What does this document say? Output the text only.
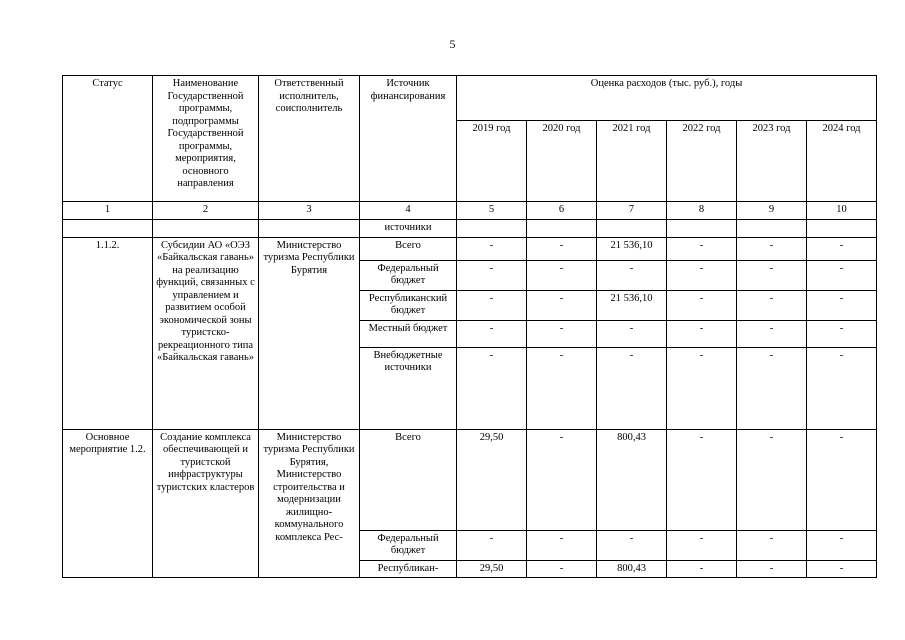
5
Статус	Наименование Государственной программы, подпрограммы Государственной программы, мероприятия, основного направления	Ответственный исполнитель, соисполнитель	Источник финансирования	Оценка расходов (тыс. руб.), годы					
				2019 год	2020 год	2021 год	2022 год	2023 год	2024 год
1	2	3	4	5	6	7	8	9	10
			источники						
1.1.2.	Субсидии АО «ОЭЗ «Байкальская гавань» на реализацию функций, связанных с управлением и развитием особой экономической зоны туристско-рекреационного типа «Байкальская гавань»	Министерство туризма Республики Бурятия	Всего	-	-	21 536,10	-	-	-
			Федеральный бюджет	-	-	-	-	-	-
			Республиканский бюджет	-	-	21 536,10	-	-	-
			Местный бюджет	-	-	-	-	-	-
			Внебюджетные источники	-	-	-	-	-	-
Основное мероприятие 1.2.	Создание комплекса обеспечивающей и туристской инфраструктуры туристских кластеров	Министерство туризма Республики Бурятия, Министерство строительства и модернизации жилищно-коммунального комплекса Рес-	Всего	29,50	-	800,43	-	-	-
			Федеральный бюджет	-	-	-	-	-	-
			Республикан-	29,50	-	800,43	-	-	-
